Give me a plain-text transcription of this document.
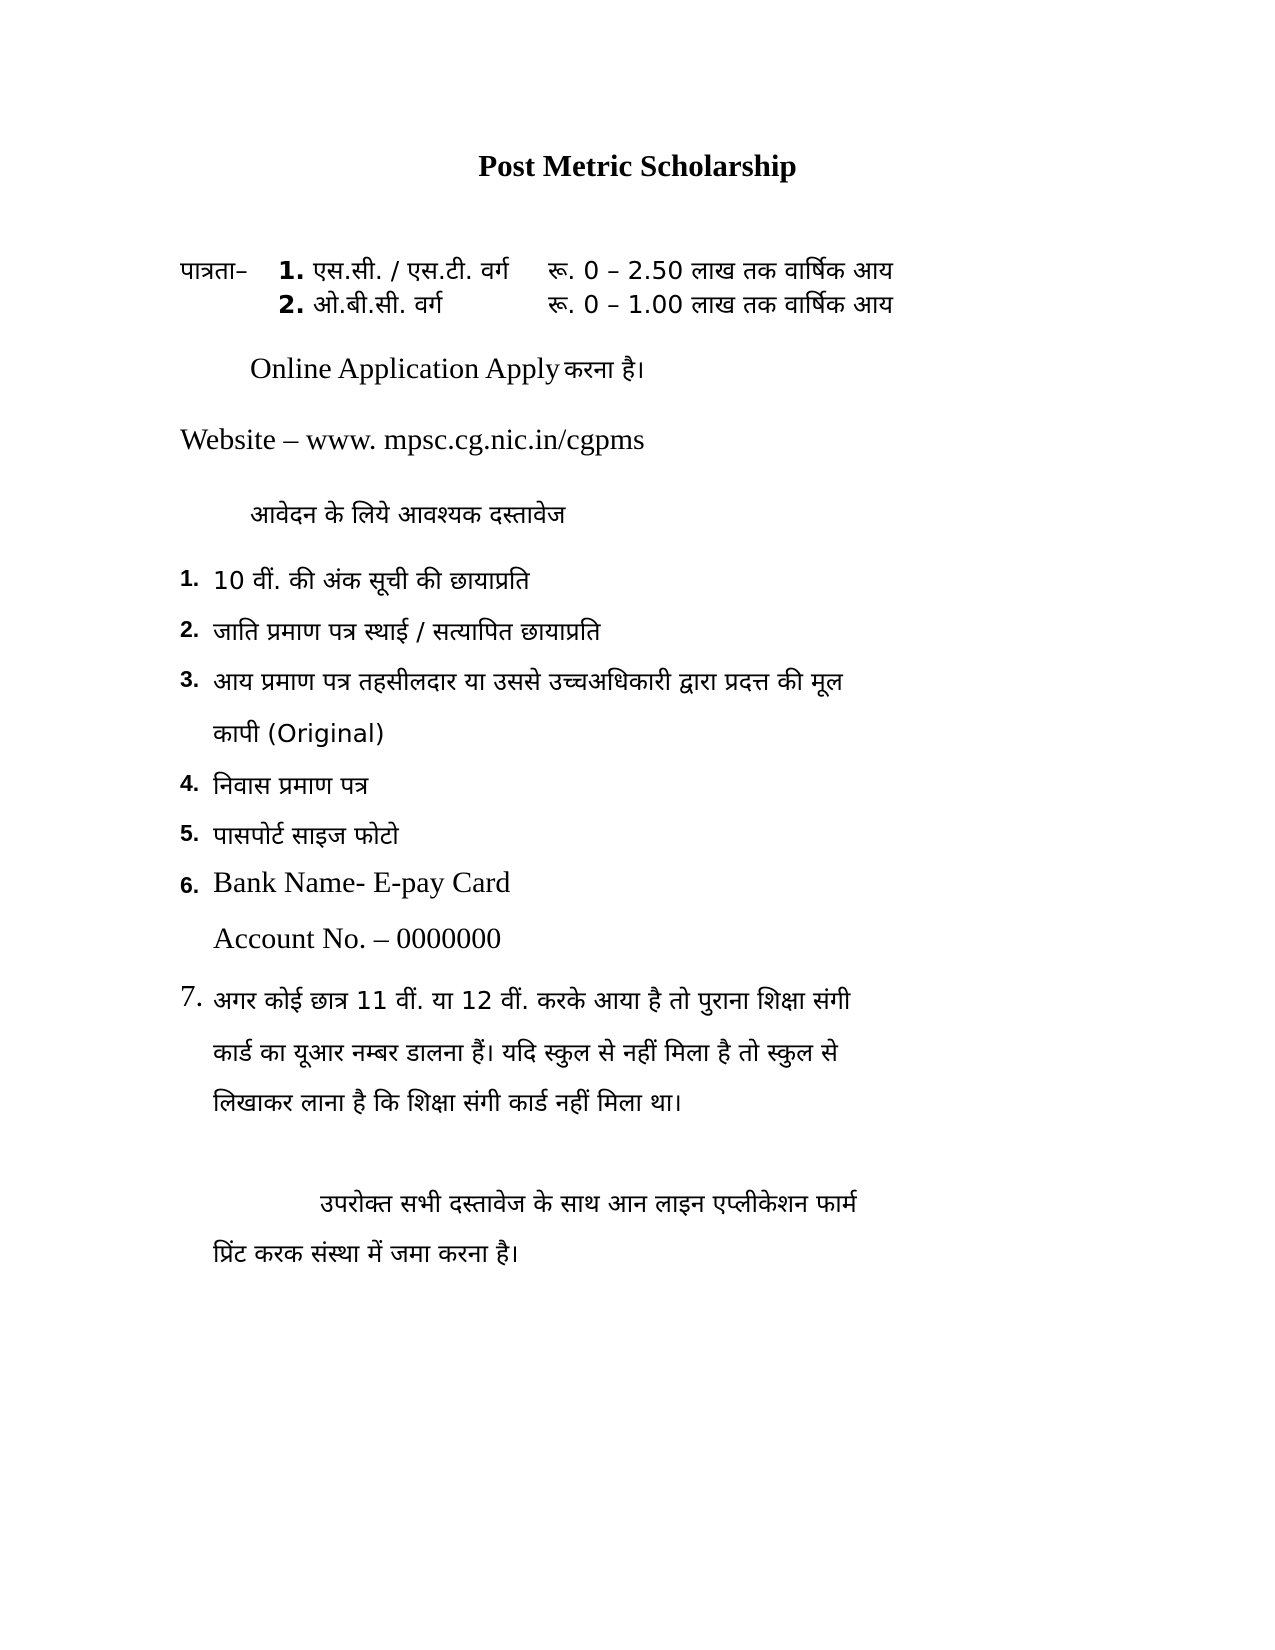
Post Metric Scholarship
पात्रता– 1. एस.सी. / एस.टी. वर्ग रू. 0 – 2.50 लाख तक वार्षिक आय
2. ओ.बी.सी. वर्ग	रू. 0 – 1.00 लाख तक वार्षिक आय
Online Application Apply करना है।
Website – www. mpsc.cg.nic.in/cgpms
आवेदन के लिये आवश्यक दस्तावेज
1. 10 वीं. की अंक सूची की छायाप्रति
2. जाति प्रमाण पत्र स्थाई / सत्यापित छायाप्रति
3. आय प्रमाण पत्र तहसीलदार या उससे उच्चअधिकारी द्वारा प्रदत्त की मूल
कापी (Original)
4. निवास प्रमाण पत्र
5. पासपोर्ट साइज फोटो
6. Bank Name- E-pay Card
Account No. – 0000000
7. अगर कोई छात्र 11 वीं. या 12 वीं. करके आया है तो पुराना शिक्षा संगी
कार्ड का यूआर नम्बर डालना हैं। यदि स्कुल से नहीं मिला है तो स्कुल से
लिखाकर लाना है कि शिक्षा संगी कार्ड नहीं मिला था।
उपरोक्त सभी दस्तावेज के साथ आन लाइन एप्लीकेशन फार्म
प्रिंट करक संस्था में जमा करना है।
